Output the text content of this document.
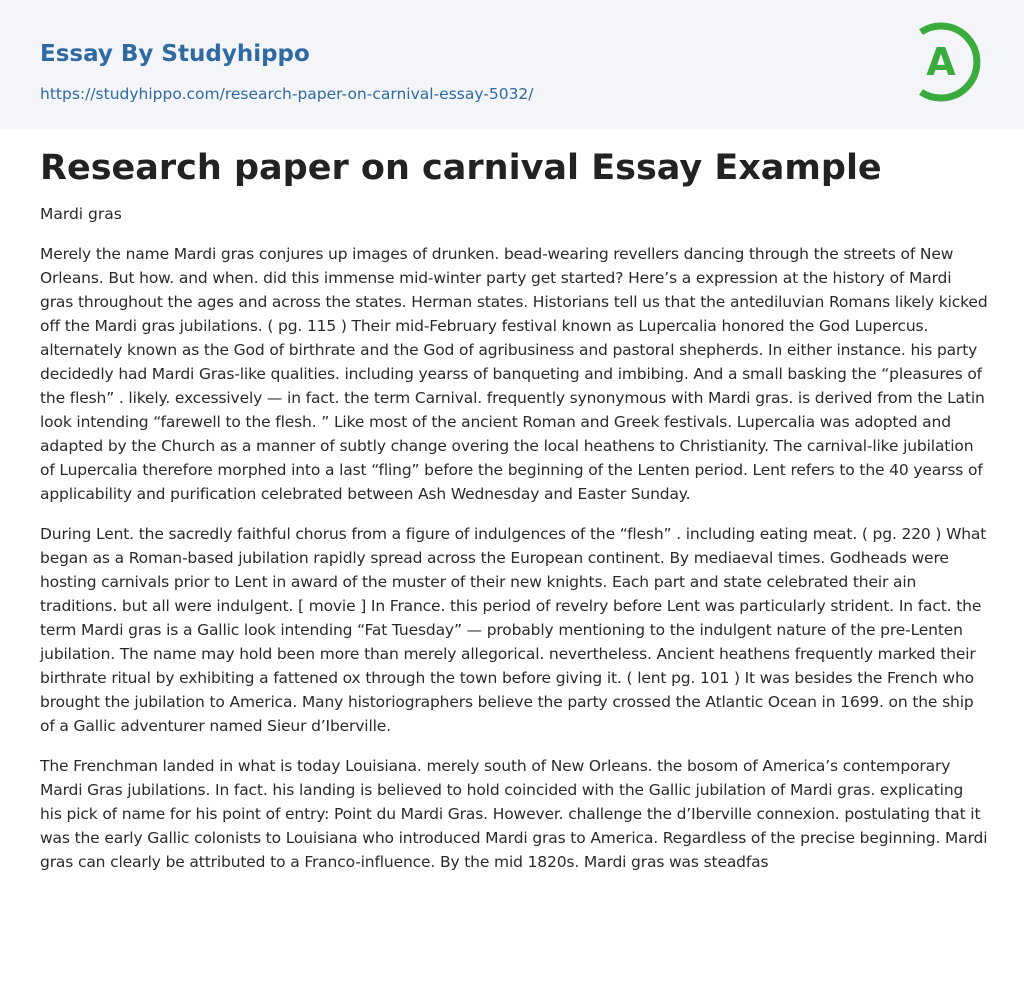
Essay By Studyhippo
https://studyhippo.com/research-paper-on-carnival-essay-5032/
A
Research paper on carnival Essay Example

Mardi gras

Merely the name Mardi gras conjures up images of drunken. bead-wearing revellers dancing through the streets of New Orleans. But how. and when. did this immense mid-winter party get started? Here’s a expression at the history of Mardi gras throughout the ages and across the states. Herman states. Historians tell us that the antediluvian Romans likely kicked off the Mardi gras jubilations. ( pg. 115 ) Their mid-February festival known as Lupercalia honored the God Lupercus. alternately known as the God of birthrate and the God of agribusiness and pastoral shepherds. In either instance. his party decidedly had Mardi Gras-like qualities. including yearss of banqueting and imbibing. And a small basking the “pleasures of the flesh” . likely. excessively — in fact. the term Carnival. frequently synonymous with Mardi gras. is derived from the Latin look intending “farewell to the flesh. ” Like most of the ancient Roman and Greek festivals. Lupercalia was adopted and adapted by the Church as a manner of subtly change overing the local heathens to Christianity. The carnival-like jubilation of Lupercalia therefore morphed into a last “fling” before the beginning of the Lenten period. Lent refers to the 40 yearss of applicability and purification celebrated between Ash Wednesday and Easter Sunday.

During Lent. the sacredly faithful chorus from a figure of indulgences of the “flesh” . including eating meat. ( pg. 220 ) What began as a Roman-based jubilation rapidly spread across the European continent. By mediaeval times. Godheads were hosting carnivals prior to Lent in award of the muster of their new knights. Each part and state celebrated their ain traditions. but all were indulgent. [ movie ] In France. this period of revelry before Lent was particularly strident. In fact. the term Mardi gras is a Gallic look intending “Fat Tuesday” — probably mentioning to the indulgent nature of the pre-Lenten jubilation. The name may hold been more than merely allegorical. nevertheless. Ancient heathens frequently marked their birthrate ritual by exhibiting a fattened ox through the town before giving it. ( lent pg. 101 ) It was besides the French who brought the jubilation to America. Many historiographers believe the party crossed the Atlantic Ocean in 1699. on the ship of a Gallic adventurer named Sieur d’Iberville.

The Frenchman landed in what is today Louisiana. merely south of New Orleans. the bosom of America’s contemporary Mardi Gras jubilations. In fact. his landing is believed to hold coincided with the Gallic jubilation of Mardi gras. explicating his pick of name for his point of entry: Point du Mardi Gras. However. challenge the d’Iberville connexion. postulating that it was the early Gallic colonists to Louisiana who introduced Mardi gras to America. Regardless of the precise beginning. Mardi gras can clearly be attributed to a Franco-influence. By the mid 1820s. Mardi gras was steadfas
